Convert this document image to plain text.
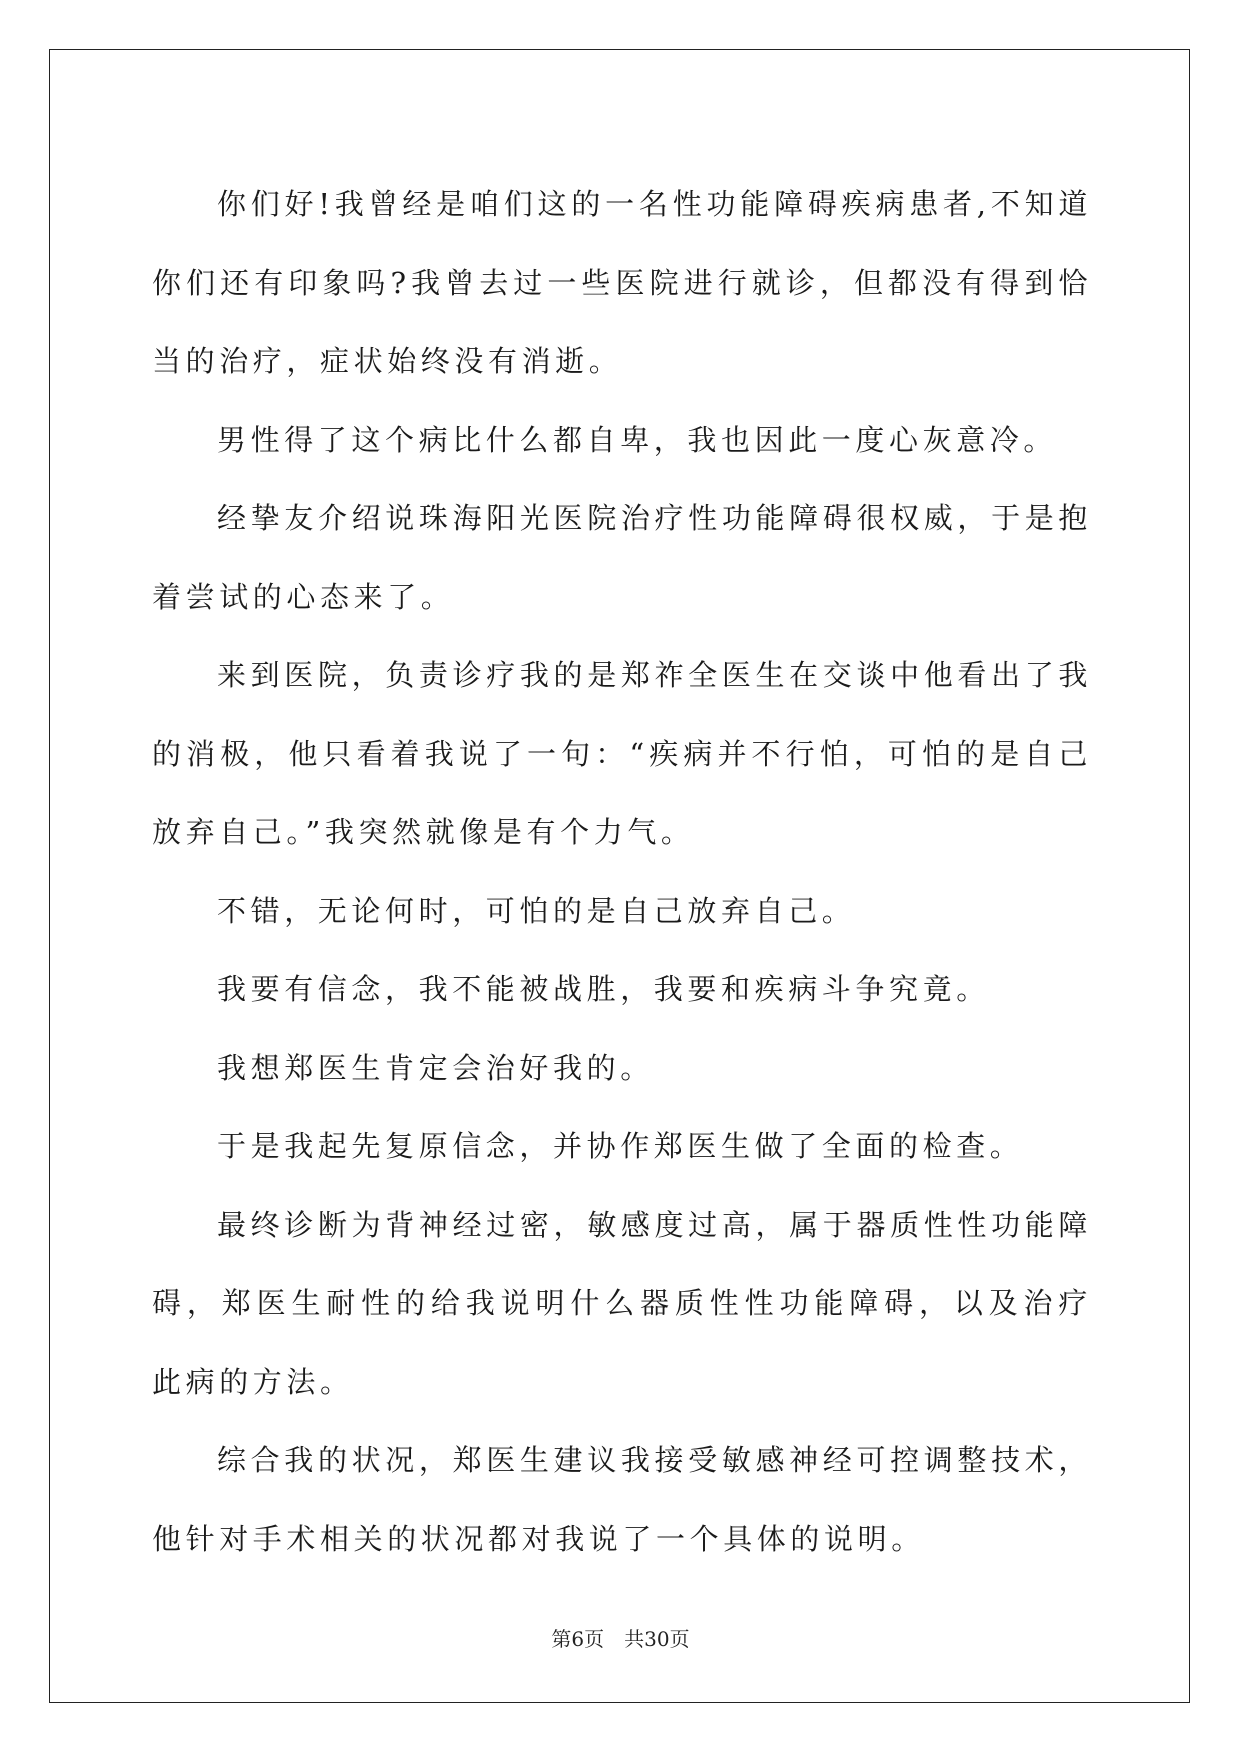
你们好!我曾经是咱们这的一名性功能障碍疾病患者,不知道你们还有印象吗?我曾去过一些医院进行就诊，但都没有得到恰当的治疗，症状始终没有消逝。

男性得了这个病比什么都自卑，我也因此一度心灰意冷。

经挚友介绍说珠海阳光医院治疗性功能障碍很权威，于是抱着尝试的心态来了。

来到医院，负责诊疗我的是郑祚全医生在交谈中他看出了我的消极，他只看着我说了一句：“疾病并不行怕，可怕的是自己放弃自己。”我突然就像是有个力气。

不错，无论何时，可怕的是自己放弃自己。

我要有信念，我不能被战胜，我要和疾病斗争究竟。

我想郑医生肯定会治好我的。

于是我起先复原信念，并协作郑医生做了全面的检查。

最终诊断为背神经过密，敏感度过高，属于器质性性功能障碍，郑医生耐性的给我说明什么器质性性功能障碍，以及治疗此病的方法。

综合我的状况，郑医生建议我接受敏感神经可控调整技术，他针对手术相关的状况都对我说了一个具体的说明。

第6页 共30页
